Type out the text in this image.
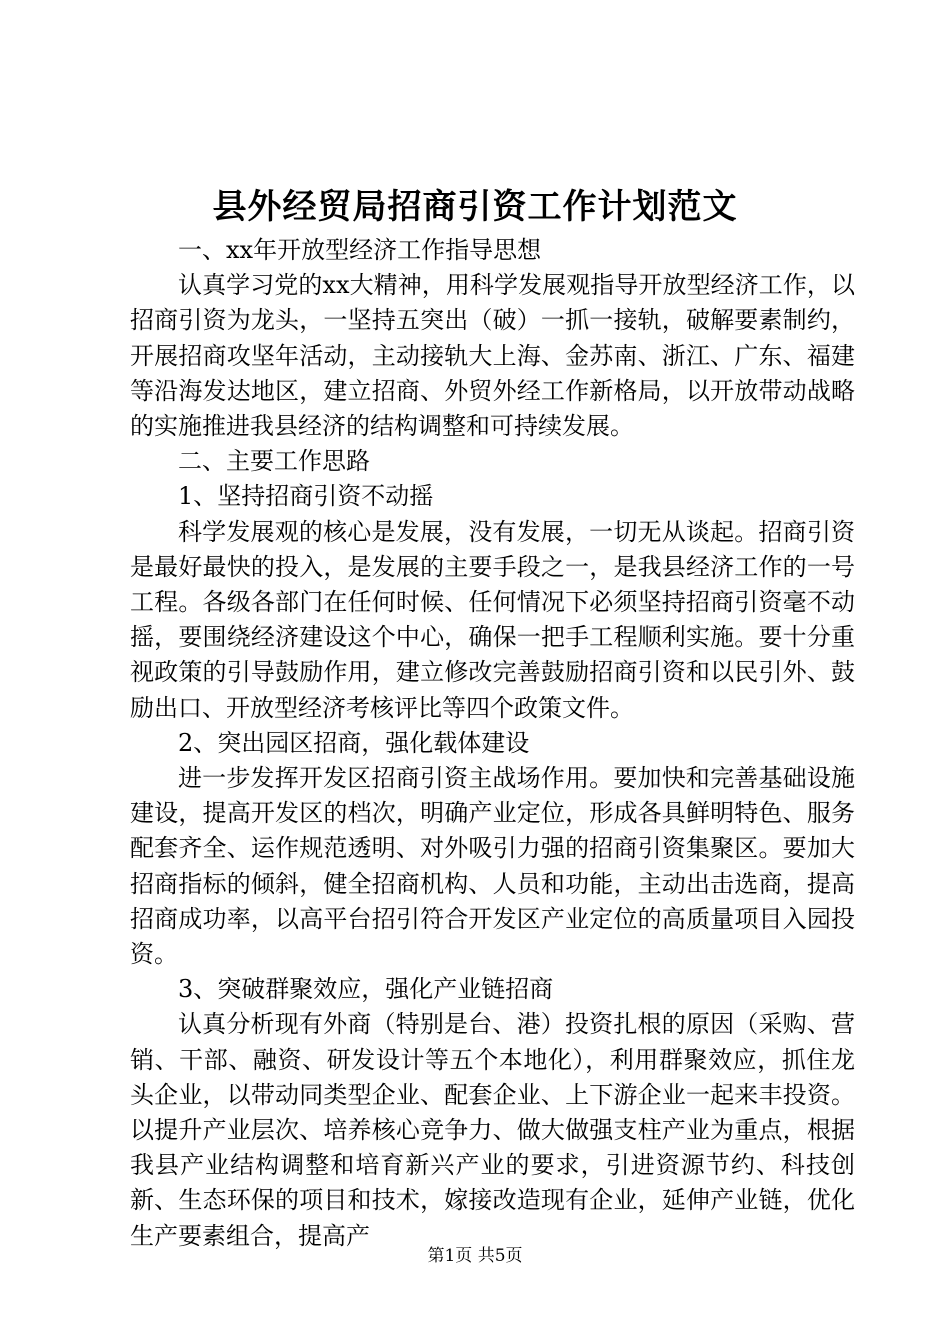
县外经贸局招商引资工作计划范文

一、xx年开放型经济工作指导思想

认真学习党的xx大精神，用科学发展观指导开放型经济工作，以招商引资为龙头，一坚持五突出（破）一抓一接轨，破解要素制约，开展招商攻坚年活动，主动接轨大上海、金苏南、浙江、广东、福建等沿海发达地区，建立招商、外贸外经工作新格局，以开放带动战略的实施推进我县经济的结构调整和可持续发展。

二、主要工作思路

1、坚持招商引资不动摇

科学发展观的核心是发展，没有发展，一切无从谈起。招商引资是最好最快的投入，是发展的主要手段之一，是我县经济工作的一号工程。各级各部门在任何时候、任何情况下必须坚持招商引资毫不动摇，要围绕经济建设这个中心，确保一把手工程顺利实施。要十分重视政策的引导鼓励作用，建立修改完善鼓励招商引资和以民引外、鼓励出口、开放型经济考核评比等四个政策文件。

2、突出园区招商，强化载体建设

进一步发挥开发区招商引资主战场作用。要加快和完善基础设施建设，提高开发区的档次，明确产业定位，形成各具鲜明特色、服务配套齐全、运作规范透明、对外吸引力强的招商引资集聚区。要加大招商指标的倾斜，健全招商机构、人员和功能，主动出击选商，提高招商成功率，以高平台招引符合开发区产业定位的高质量项目入园投资。

3、突破群聚效应，强化产业链招商

认真分析现有外商（特别是台、港）投资扎根的原因（采购、营销、干部、融资、研发设计等五个本地化），利用群聚效应，抓住龙头企业，以带动同类型企业、配套企业、上下游企业一起来丰投资。以提升产业层次、培养核心竞争力、做大做强支柱产业为重点，根据我县产业结构调整和培育新兴产业的要求，引进资源节约、科技创新、生态环保的项目和技术，嫁接改造现有企业，延伸产业链，优化生产要素组合，提高产

第1页 共5页
